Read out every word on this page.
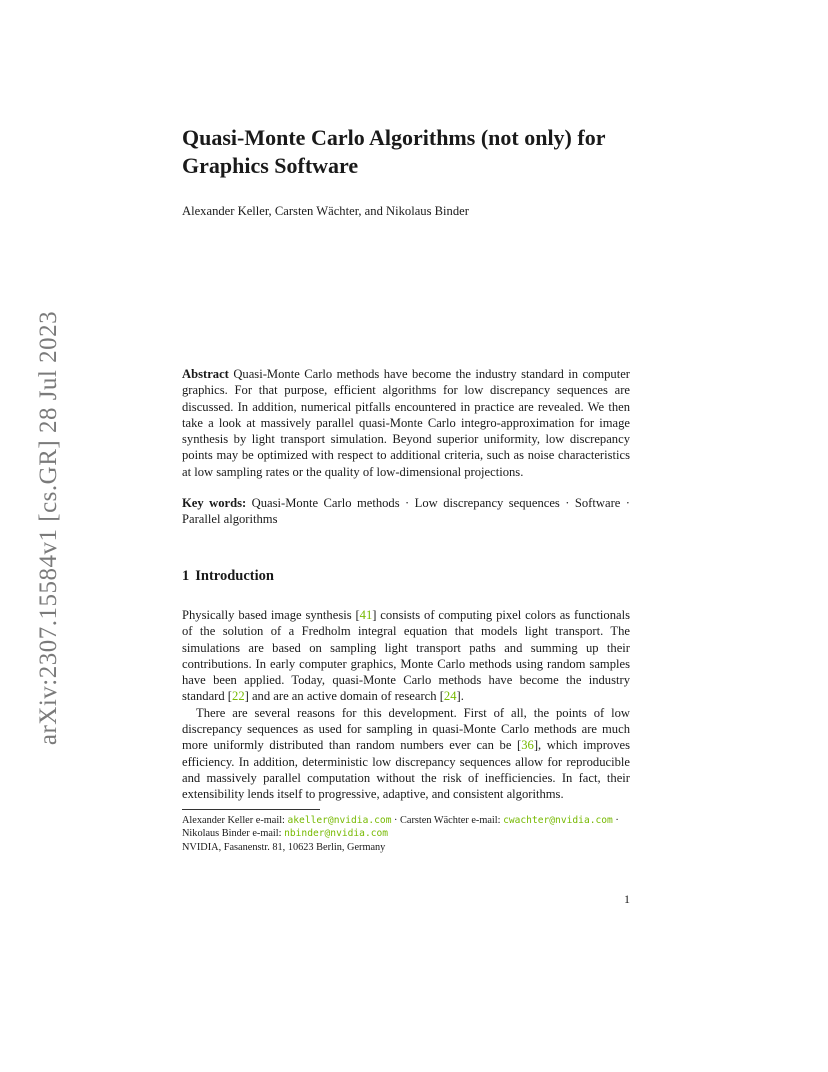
arXiv:2307.15584v1 [cs.GR] 28 Jul 2023
Quasi-Monte Carlo Algorithms (not only) for Graphics Software

Alexander Keller, Carsten Wächter, and Nikolaus Binder

Abstract Quasi-Monte Carlo methods have become the industry standard in computer graphics. For that purpose, efficient algorithms for low discrepancy sequences are discussed. In addition, numerical pitfalls encountered in practice are revealed. We then take a look at massively parallel quasi-Monte Carlo integro-approximation for image synthesis by light transport simulation. Beyond superior uniformity, low discrepancy points may be optimized with respect to additional criteria, such as noise characteristics at low sampling rates or the quality of low-dimensional projections.

Key words: Quasi-Monte Carlo methods · Low discrepancy sequences · Software · Parallel algorithms

1 Introduction

Physically based image synthesis [41] consists of computing pixel colors as functionals of the solution of a Fredholm integral equation that models light transport. The simulations are based on sampling light transport paths and summing up their contributions. In early computer graphics, Monte Carlo methods using random samples have been applied. Today, quasi-Monte Carlo methods have become the industry standard [22] and are an active domain of research [24].

There are several reasons for this development. First of all, the points of low discrepancy sequences as used for sampling in quasi-Monte Carlo methods are much more uniformly distributed than random numbers ever can be [36], which improves efficiency. In addition, deterministic low discrepancy sequences allow for reproducible and massively parallel computation without the risk of inefficiencies. In fact, their extensibility lends itself to progressive, adaptive, and consistent algorithms.

Alexander Keller e-mail: akeller@nvidia.com · Carsten Wächter e-mail: cwachter@nvidia.com · Nikolaus Binder e-mail: nbinder@nvidia.com
NVIDIA, Fasanenstr. 81, 10623 Berlin, Germany

1
